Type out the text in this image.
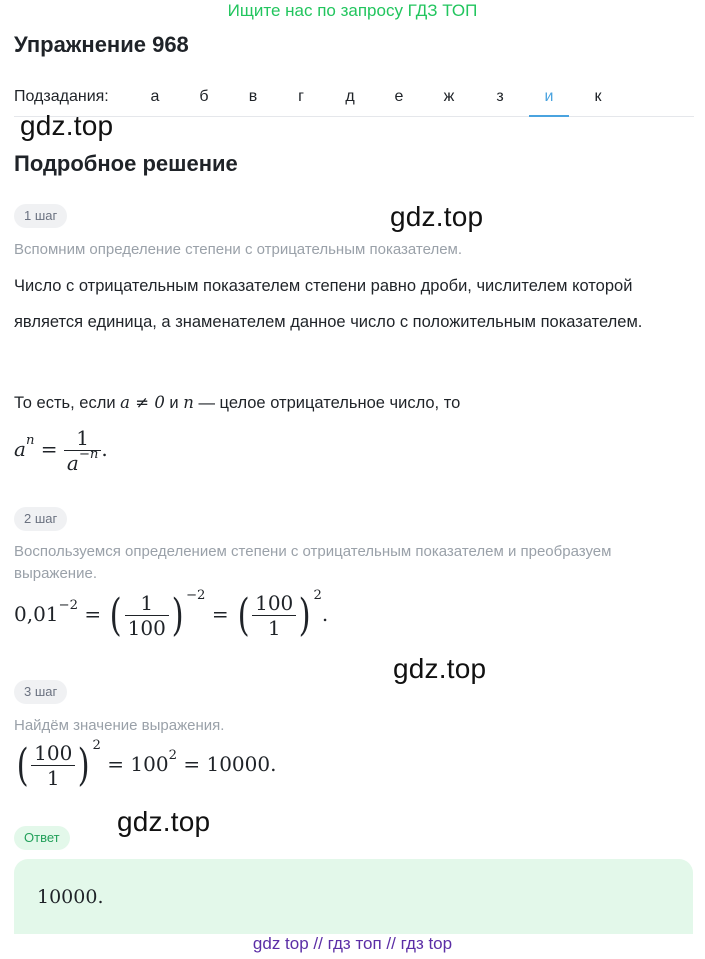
Ищите нас по запросу ГДЗ ТОП
Упражнение 968
Подзадания:	а	б	в	г	д	е	ж	з	и	к
gdz.top
Подробное решение
1 шаг	gdz.top
Вспомним определение степени с отрицательным показателем.
Число с отрицательным показателем степени равно дроби, числителем которой является единица, а знаменателем данное число с положительным показателем.
То есть, если a ≠ 0 и n — целое отрицательное число, то
$a^n = \frac{1}{a^{-n}}$ .
2 шаг
Воспользуемся определением степени с отрицательным показателем и преобразуем выражение.
$0,01^{-2}$ = ( $\frac{1}{100}$ ) $^{-2}$ = ( $\frac{100}{1}$ ) $^2$.
gdz.top
3 шаг
Найдём значение выражения.
( $\frac{100}{1}$ ) $^2 = 100^2 = 10000$.
Ответ
gdz.top
10000.
gdz top // гдз топ // гдз top
